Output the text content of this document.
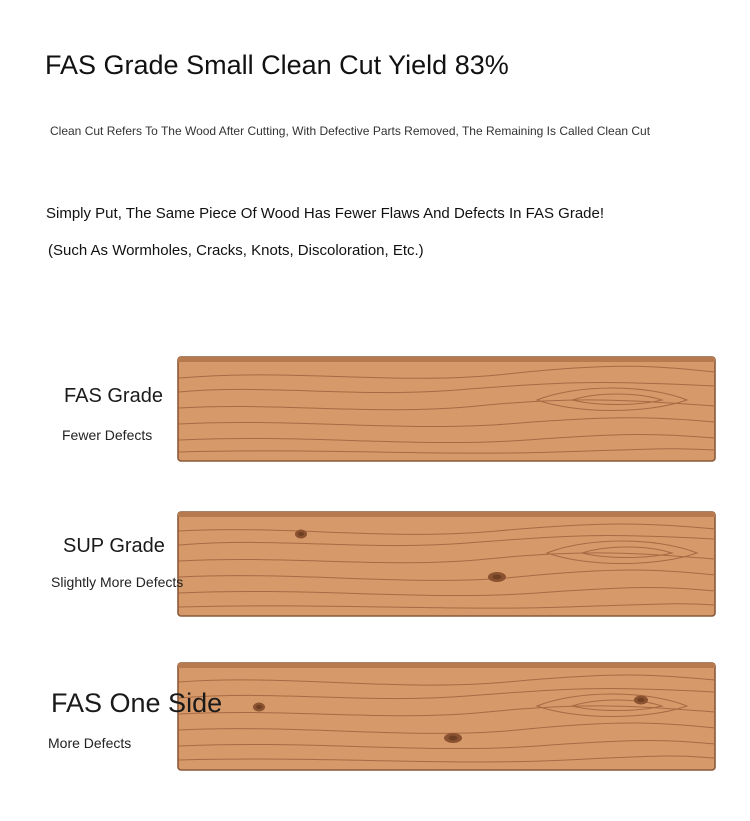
FAS Grade Small Clean Cut Yield 83%
Clean Cut Refers To The Wood After Cutting, With Defective Parts Removed, The Remaining Is Called Clean Cut
Simply Put, The Same Piece Of Wood Has Fewer Flaws And Defects In FAS Grade!
(Such As Wormholes, Cracks, Knots, Discoloration, Etc.)
FAS Grade
Fewer Defects
SUP Grade
Slightly More Defects
FAS One Side
More Defects
